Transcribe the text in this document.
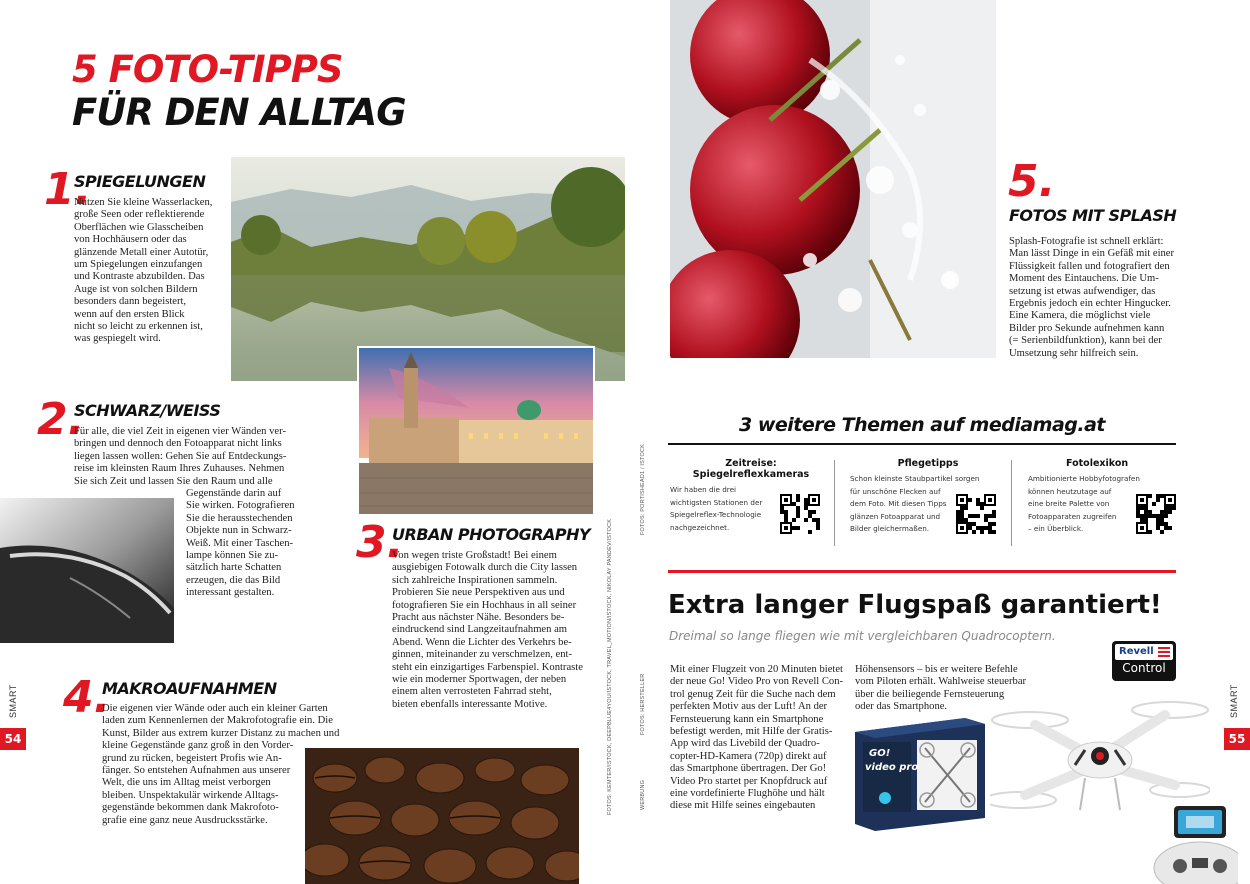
5 FOTO-TIPPS
FÜR DEN ALLTAG
1.
SPIEGELUNGEN
Nutzen Sie kleine Wasserlacken,
große Seen oder reflektierende
Oberflächen wie Glasscheiben
von Hochhäusern oder das
glänzende Metall einer Autotür,
um Spiegelungen einzufangen
und Kontraste abzubilden. Das
Auge ist von solchen Bildern
besonders dann begeistert,
wenn auf den ersten Blick
nicht so leicht zu erkennen ist,
was gespiegelt wird.
2.
SCHWARZ/WEISS
Für alle, die viel Zeit in eigenen vier Wänden ver-
bringen und dennoch den Fotoapparat nicht links
liegen lassen wollen: Gehen Sie auf Entdeckungs-
reise im kleinsten Raum Ihres Zuhauses. Nehmen
Sie sich Zeit und lassen Sie den Raum und alle
Gegenstände darin auf
Sie wirken. Fotografieren
Sie die herausstechenden
Objekte nun in Schwarz-
Weiß. Mit einer Taschen-
lampe können Sie zu-
sätzlich harte Schatten
erzeugen, die das Bild
interessant gestalten.
3.
URBAN PHOTOGRAPHY
Von wegen triste Großstadt! Bei einem
ausgiebigen Fotowalk durch die City lassen
sich zahlreiche Inspirationen sammeln.
Probieren Sie neue Perspektiven aus und
fotografieren Sie ein Hochhaus in all seiner
Pracht aus nächster Nähe. Besonders be-
eindruckend sind Langzeitaufnahmen am
Abend. Wenn die Lichter des Verkehrs be-
ginnen, miteinander zu verschmelzen, ent-
steht ein einzigartiges Farbenspiel. Kontraste
wie ein moderner Sportwagen, der neben
einem alten verrosteten Fahrrad steht,
bieten ebenfalls interessante Motive.
4.
MAKROAUFNAHMEN
Die eigenen vier Wände oder auch ein kleiner Garten
laden zum Kennenlernen der Makrofotografie ein. Die
Kunst, Bilder aus extrem kurzer Distanz zu machen und
kleine Gegenstände ganz groß in den Vorder-
grund zu rücken, begeistert Profis wie An-
fänger. So entstehen Aufnahmen aus unserer
Welt, die uns im Alltag meist verborgen
bleiben. Unspektakulär wirkende Alltags-
gegenstände bekommen dank Makrofoto-
grafie eine ganz neue Ausdrucksstärke.
FOTOS: KEMTER/ISTOCK, DEEPBLUE4YOU/ISTOCK, TRAVEL_MOTION/ISTOCK, NIKOLAY PANDEV/ISTOCK
SMART
54
5.
FOTOS MIT SPLASH
Splash-Fotografie ist schnell erklärt:
Man lässt Dinge in ein Gefäß mit einer
Flüssigkeit fallen und fotografiert den
Moment des Eintauchens. Die Um-
setzung ist etwas aufwendiger, das
Ergebnis jedoch ein echter Hingucker.
Eine Kamera, die möglichst viele
Bilder pro Sekunde aufnehmen kann
(= Serienbildfunktion), kann bei der
Umsetzung sehr hilfreich sein.
FOTOS: PORTISHEAD1 / ISTOCK
FOTOS: HERSTELLER
WERBUNG
3 weitere Themen auf mediamag.at
Zeitreise:
Spiegelreflexkameras
Wir haben die drei
wichtigsten Stationen der
Spiegelreflex-Technologie
nachgezeichnet.
Pflegetipps
Schon kleinste Staubpartikel sorgen
für unschöne Flecken auf
dem Foto. Mit diesen Tipps
glänzen Fotoapparat und
Bilder gleichermaßen.
Fotolexikon
Ambitionierte Hobbyfotografen
können heutzutage auf
eine breite Palette von
Fotoapparaten zugreifen
– ein Überblick.
Extra langer Flugspaß garantiert!
Dreimal so lange fliegen wie mit vergleichbaren Quadrocoptern.
Mit einer Flugzeit von 20 Minuten bietet
der neue Go! Video Pro von Revell Con-
trol genug Zeit für die Suche nach dem
perfekten Motiv aus der Luft! An der
Fernsteuerung kann ein Smartphone
befestigt werden, mit Hilfe der Gratis-
App wird das Livebild der Quadro-
copter-HD-Kamera (720p) direkt auf
das Smartphone übertragen. Der Go!
Video Pro startet per Knopfdruck auf
eine vordefinierte Flughöhe und hält
diese mit Hilfe seines eingebauten
Höhensensors – bis er weitere Befehle
vom Piloten erhält. Wahlweise steuerbar
über die beiliegende Fernsteuerung
oder das Smartphone.
Revell
Control
GO!
video pro
SMART
55
